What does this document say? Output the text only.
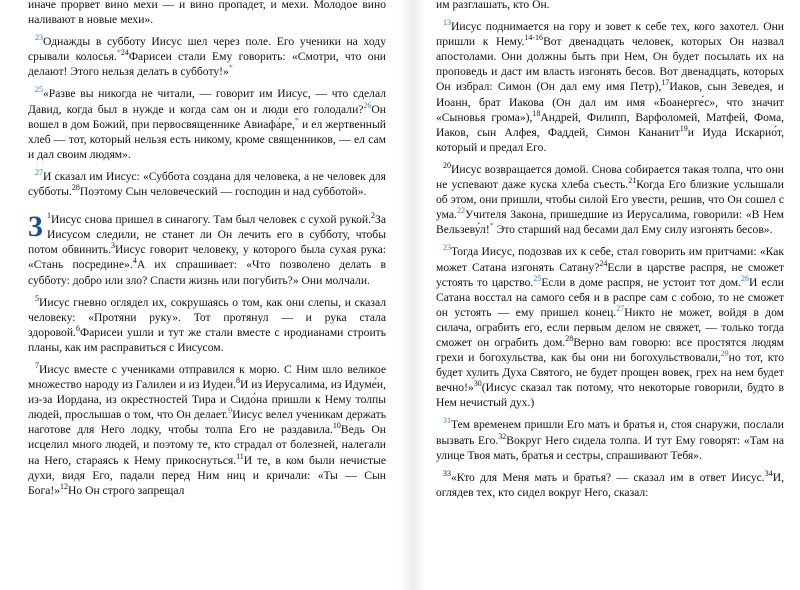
иначе прорвет вино мехи — и вино пропадет, и мехи. Молодое вино наливают в новые мехи».

$^{23}$Однажды в субботу Иисус шел через поле. Его ученики на ходу срывали колосья.$^{*24}$Фарисеи стали Ему говорить: «Смотри, что они делают! Этого нельзя делать в субботу!»*

$^{25}$«Разве вы никогда не читали, — говорит им Иисус, — что сделал Давид, когда был в нужде и когда сам он и люди его голодали?$^{26}$Он вошел в дом Божий, при первосвященнике Авиафа́ре,* и ел жертвенный хлеб — тот, который нельзя есть никому, кроме священников, — ел сам и дал своим людям».

$^{27}$И сказал им Иисус: «Суббота создана для человека, а не человек для субботы.$^{28}$Поэтому Сын человеческий — господин и над субботой».

3 $^1$Иисус снова пришел в синагогу. Там был человек с сухой рукой.$^2$За Иисусом следили, не станет ли Он лечить его в субботу, чтобы потом обвинить.$^3$Иисус говорит человеку, у которого была сухая рука: «Стань посредине».$^4$А их спрашивает: «Что позволено делать в субботу: добро или зло? Спасти жизнь или погубить?» Они молчали.

$^5$Иисус гневно оглядел их, сокрушаясь о том, как они слепы, и сказал человеку: «Протяни руку». Тот протянул — и рука стала здоровой.$^6$Фарисеи ушли и тут же стали вместе с иродианами строить планы, как им расправиться с Иисусом.

$^7$Иисус вместе с учениками отправился к морю. С Ним шло великое множество народу из Галилеи и из Иудеи.$^8$И из Иерусалима, из Идуме́и, из-за Иордана, из окрестностей Тира и Сидо́на пришли к Нему толпы людей, прослышав о том, что Он делает.$^9$Иисус велел ученикам держать наготове для Него лодку, чтобы толпа Его не раздавила.$^{10}$Ведь Он исцелил много людей, и поэтому те, кто страдал от болезней, налегали на Него, стараясь к Нему прикоснуться.$^{11}$И те, в ком были нечистые духи, видя Его, падали перед Ним ниц и кричали: «Ты — Сын Бога!»$^{12}$Но Он строго запрещал

им разглашать, кто Он.

$^{13}$Иисус поднимается на гору и зовет к себе тех, кого захотел. Они пришли к Нему.$^{14-16}$Вот двенадцать человек, которых Он назвал апостолами. Они должны быть при Нем, Он будет посылать их на проповедь и даст им власть изгонять бесов. Вот двенадцать, которых Он избрал: Симон (Он дал ему имя Петр),$^{17}$Иаков, сын Зеведея, и Иоанн, брат Иакова (Он дал им имя «Боанерге́с», что значит «Сыновья грома»),$^{18}$Андрей, Филипп, Варфоломей, Матфей, Фома, Иаков, сын Алфея, Фаддей, Симон Кананит$^{19}$и Иуда Искарио́т, который и предал Его.

$^{20}$Иисус возвращается домой. Снова собирается такая толпа, что они не успевают даже куска хлеба съесть.$^{21}$Когда Его близкие услышали об этом, они пришли, чтобы силой Его увести, решив, что Он сошел с ума.$^{22}$Учителя Закона, пришедшие из Иерусалима, говорили: «В Нем Вельзеву́л!* Это старший над бесами дал Ему силу изгонять бесов».

$^{23}$Тогда Иисус, подозвав их к себе, стал говорить им притчами: «Как может Сатана изгонять Сатану?$^{24}$Если в царстве распря, не сможет устоять то царство.$^{25}$Если в доме распря, не устоит тот дом.$^{26}$И если Сатана восстал на самого себя и в распре сам с собою, то не сможет он устоять — ему пришел конец.$^{27}$Никто не может, войдя в дом силача, ограбить его, если первым делом не свяжет, — только тогда сможет он ограбить дом.$^{28}$Верно вам говорю: все простятся людям грехи и богохульства, как бы они ни богохульствовали,$^{29}$но тот, кто будет хулить Духа Святого, не будет прощен вовек, грех на нем будет вечно!»$^{30}$(Иисус сказал так потому, что некоторые говорили, будто в Нем нечистый дух.)

$^{31}$Тем временем пришли Его мать и братья и, стоя снаружи, послали вызвать Его.$^{32}$Вокруг Него сидела толпа. И тут Ему говорят: «Там на улице Твоя мать, братья и сестры, спрашивают Тебя».

$^{33}$«Кто для Меня мать и братья? — сказал им в ответ Иисус.$^{34}$И, оглядев тех, кто сидел вокруг Него, сказал:
